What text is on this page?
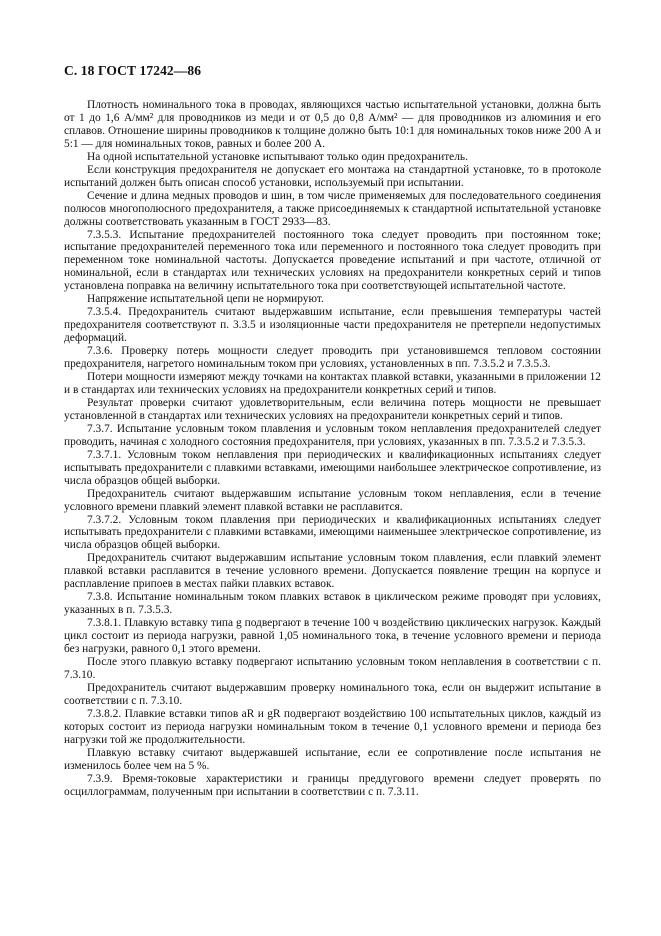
С. 18 ГОСТ 17242—86

Плотность номинального тока в проводах, являющихся частью испытательной установки, должна быть от 1 до 1,6 А/мм² для проводников из меди и от 0,5 до 0,8 А/мм² — для проводников из алюминия и его сплавов. Отношение ширины проводников к толщине должно быть 10:1 для номинальных токов ниже 200 А и 5:1 — для номинальных токов, равных и более 200 А.

На одной испытательной установке испытывают только один предохранитель.

Если конструкция предохранителя не допускает его монтажа на стандартной установке, то в протоколе испытаний должен быть описан способ установки, используемый при испытании.

Сечение и длина медных проводов и шин, в том числе применяемых для последовательного соединения полюсов многополюсного предохранителя, а также присоединяемых к стандартной испытательной установке должны соответствовать указанным в ГОСТ 2933—83.

7.3.5.3. Испытание предохранителей постоянного тока следует проводить при постоянном токе; испытание предохранителей переменного тока или переменного и постоянного тока следует проводить при переменном токе номинальной частоты. Допускается проведение испытаний и при частоте, отличной от номинальной, если в стандартах или технических условиях на предохранители конкретных серий и типов установлена поправка на величину испытательного тока при соответствующей испытательной частоте.

Напряжение испытательной цепи не нормируют.

7.3.5.4. Предохранитель считают выдержавшим испытание, если превышения температуры частей предохранителя соответствуют п. 3.3.5 и изоляционные части предохранителя не претерпели недопустимых деформаций.

7.3.6. Проверку потерь мощности следует проводить при установившемся тепловом состоянии предохранителя, нагретого номинальным током при условиях, установленных в пп. 7.3.5.2 и 7.3.5.3.

Потери мощности измеряют между точками на контактах плавкой вставки, указанными в приложении 12 и в стандартах или технических условиях на предохранители конкретных серий и типов.

Результат проверки считают удовлетворительным, если величина потерь мощности не превышает установленной в стандартах или технических условиях на предохранители конкретных серий и типов.

7.3.7. Испытание условным током плавления и условным током неплавления предохранителей следует проводить, начиная с холодного состояния предохранителя, при условиях, указанных в пп. 7.3.5.2 и 7.3.5.3.

7.3.7.1. Условным током неплавления при периодических и квалификационных испытаниях следует испытывать предохранители с плавкими вставками, имеющими наибольшее электрическое сопротивление, из числа образцов общей выборки.

Предохранитель считают выдержавшим испытание условным током неплавления, если в течение условного времени плавкий элемент плавкой вставки не расплавится.

7.3.7.2. Условным током плавления при периодических и квалификационных испытаниях следует испытывать предохранители с плавкими вставками, имеющими наименьшее электрическое сопротивление, из числа образцов общей выборки.

Предохранитель считают выдержавшим испытание условным током плавления, если плавкий элемент плавкой вставки расплавится в течение условного времени. Допускается появление трещин на корпусе и расплавление припоев в местах пайки плавких вставок.

7.3.8. Испытание номинальным током плавких вставок в циклическом режиме проводят при условиях, указанных в п. 7.3.5.3.

7.3.8.1. Плавкую вставку типа g подвергают в течение 100 ч воздействию циклических нагрузок. Каждый цикл состоит из периода нагрузки, равной 1,05 номинального тока, в течение условного времени и периода без нагрузки, равного 0,1 этого времени.

После этого плавкую вставку подвергают испытанию условным током неплавления в соответствии с п. 7.3.10.

Предохранитель считают выдержавшим проверку номинального тока, если он выдержит испытание в соответствии с п. 7.3.10.

7.3.8.2. Плавкие вставки типов aR и gR подвергают воздействию 100 испытательных циклов, каждый из которых состоит из периода нагрузки номинальным током в течение 0,1 условного времени и периода без нагрузки той же продолжительности.

Плавкую вставку считают выдержавшей испытание, если ее сопротивление после испытания не изменилось более чем на 5 %.

7.3.9. Время-токовые характеристики и границы преддугового времени следует проверять по осциллограммам, полученным при испытании в соответствии с п. 7.3.11.
